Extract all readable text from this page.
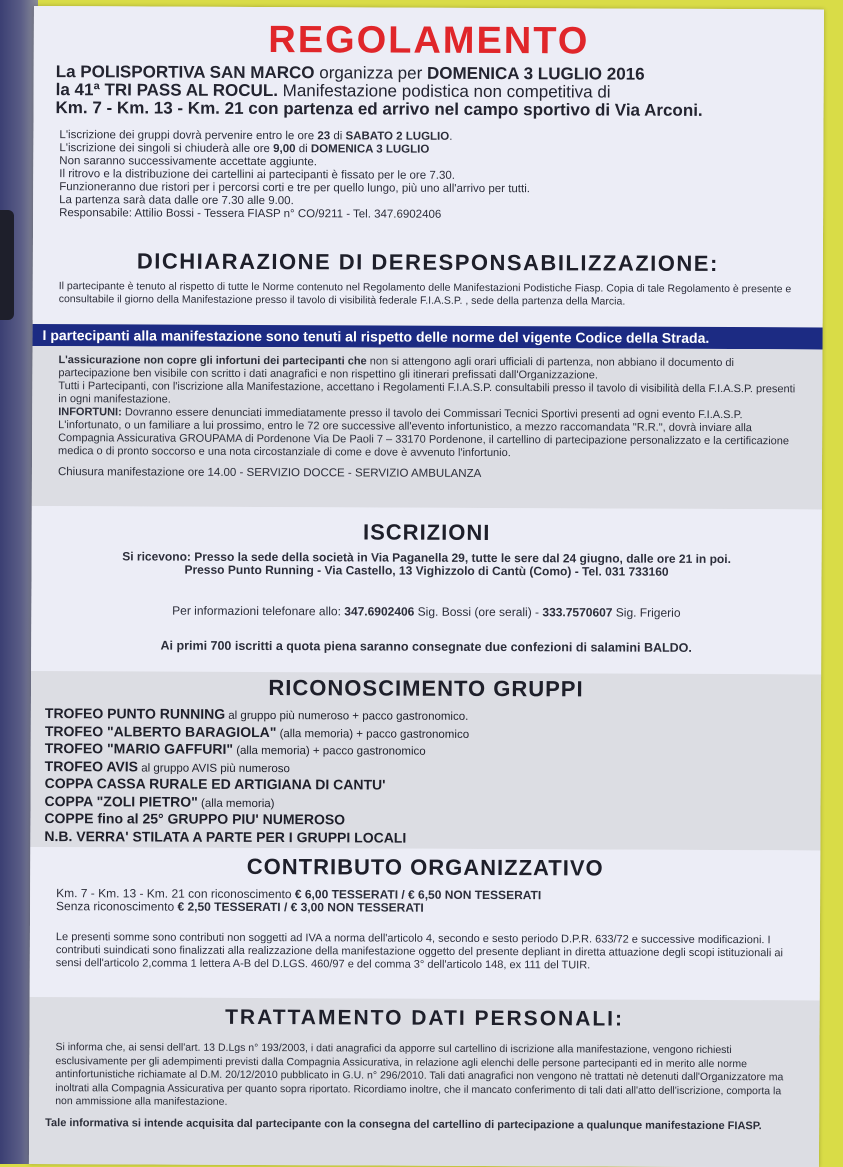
REGOLAMENTO
La POLISPORTIVA SAN MARCO organizza per DOMENICA 3 LUGLIO 2016
la 41ª TRI PASS AL ROCUL. Manifestazione podistica non competitiva di
Km. 7 - Km. 13 - Km. 21 con partenza ed arrivo nel campo sportivo di Via Arconi.

L'iscrizione dei gruppi dovrà pervenire entro le ore 23 di SABATO 2 LUGLIO.

L'iscrizione dei singoli si chiuderà alle ore 9,00 di DOMENICA 3 LUGLIO

Non saranno successivamente accettate aggiunte.

Il ritrovo e la distribuzione dei cartellini ai partecipanti è fissato per le ore 7.30.

Funzioneranno due ristori per i percorsi corti e tre per quello lungo, più uno all'arrivo per tutti.

La partenza sarà data dalle ore 7.30 alle 9.00.

Responsabile: Attilio Bossi - Tessera FIASP n° CO/9211 - Tel. 347.6902406

DICHIARAZIONE DI DERESPONSABILIZZAZIONE:

Il partecipante è tenuto al rispetto di tutte le Norme contenuto nel Regolamento delle Manifestazioni Podistiche Fiasp. Copia di tale Regolamento è presente e consultabile il giorno della Manifestazione presso il tavolo di visibilità federale F.I.A.S.P. , sede della partenza della Marcia.

I partecipanti alla manifestazione sono tenuti al rispetto delle norme del vigente Codice della Strada.

L'assicurazione non copre gli infortuni dei partecipanti che non si attengono agli orari ufficiali di partenza, non abbiano il documento di partecipazione ben visibile con scritto i dati anagrafici e non rispettino gli itinerari prefissati dall'Organizzazione.

Tutti i Partecipanti, con l'iscrizione alla Manifestazione, accettano i Regolamenti F.I.A.S.P. consultabili presso il tavolo di visibilità della F.I.A.S.P. presenti in ogni manifestazione.

INFORTUNI: Dovranno essere denunciati immediatamente presso il tavolo dei Commissari Tecnici Sportivi presenti ad ogni evento F.I.A.S.P. L'infortunato, o un familiare a lui prossimo, entro le 72 ore successive all'evento infortunistico, a mezzo raccomandata "R.R.", dovrà inviare alla Compagnia Assicurativa GROUPAMA di Pordenone Via De Paoli 7 – 33170 Pordenone, il cartellino di partecipazione personalizzato e la certificazione medica o di pronto soccorso e una nota circostanziale di come e dove è avvenuto l'infortunio.

Chiusura manifestazione ore 14.00 - SERVIZIO DOCCE - SERVIZIO AMBULANZA

ISCRIZIONI

Si ricevono: Presso la sede della società in Via Paganella 29, tutte le sere dal 24 giugno, dalle ore 21 in poi.

Presso Punto Running - Via Castello, 13 Vighizzolo di Cantù (Como) - Tel. 031 733160

Per informazioni telefonare allo: 347.6902406 Sig. Bossi (ore serali) - 333.7570607 Sig. Frigerio

Ai primi 700 iscritti a quota piena saranno consegnate due confezioni di salamini BALDO.

RICONOSCIMENTO GRUPPI
TROFEO PUNTO RUNNING al gruppo più numeroso + pacco gastronomico.
TROFEO "ALBERTO BARAGIOLA" (alla memoria) + pacco gastronomico
TROFEO "MARIO GAFFURI" (alla memoria) + pacco gastronomico
TROFEO AVIS al gruppo AVIS più numeroso
COPPA CASSA RURALE ED ARTIGIANA DI CANTU'
COPPA "ZOLI PIETRO" (alla memoria)
COPPE fino al 25° GRUPPO PIU' NUMEROSO
N.B. VERRA' STILATA A PARTE PER I GRUPPI LOCALI
CONTRIBUTO ORGANIZZATIVO

Km. 7 - Km. 13 - Km. 21 con riconoscimento € 6,00 TESSERATI / € 6,50 NON TESSERATI

Senza riconoscimento € 2,50 TESSERATI / € 3,00 NON TESSERATI

Le presenti somme sono contributi non soggetti ad IVA a norma dell'articolo 4, secondo e sesto periodo D.P.R. 633/72 e successive modificazioni. I contributi suindicati sono finalizzati alla realizzazione della manifestazione oggetto del presente depliant in diretta attuazione degli scopi istituzionali ai sensi dell'articolo 2,comma 1 lettera A-B del D.LGS. 460/97 e del comma 3° dell'articolo 148, ex 111 del TUIR.

TRATTAMENTO DATI PERSONALI:

Si informa che, ai sensi dell'art. 13 D.Lgs n° 193/2003, i dati anagrafici da apporre sul cartellino di iscrizione alla manifestazione, vengono richiesti esclusivamente per gli adempimenti previsti dalla Compagnia Assicurativa, in relazione agli elenchi delle persone partecipanti ed in merito alle norme antinfortunistiche richiamate al D.M. 20/12/2010 pubblicato in G.U. n° 296/2010. Tali dati anagrafici non vengono nè trattati nè detenuti dall'Organizzatore ma inoltrati alla Compagnia Assicurativa per quanto sopra riportato. Ricordiamo inoltre, che il mancato conferimento di tali dati all'atto dell'iscrizione, comporta la non ammissione alla manifestazione.

Tale informativa si intende acquisita dal partecipante con la consegna del cartellino di partecipazione a qualunque manifestazione FIASP.
